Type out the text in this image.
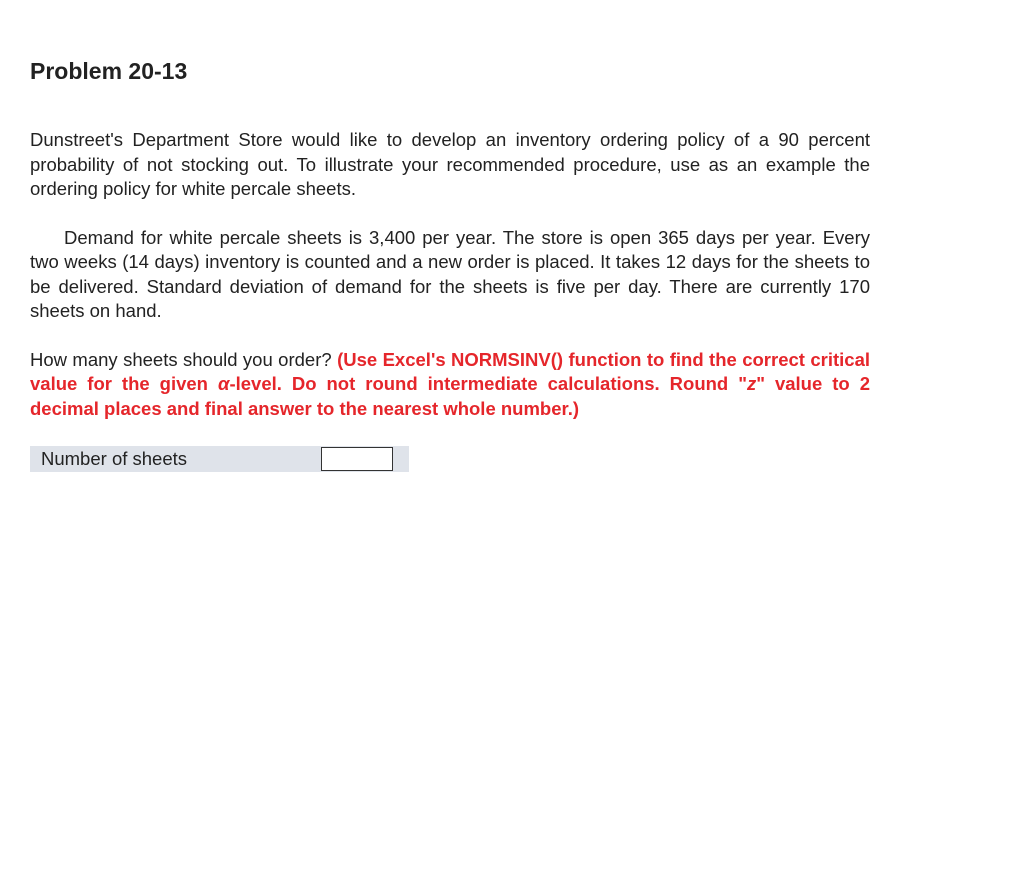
Problem 20-13

Dunstreet's Department Store would like to develop an inventory ordering policy of a 90 percent probability of not stocking out. To illustrate your recommended procedure, use as an example the ordering policy for white percale sheets.

Demand for white percale sheets is 3,400 per year. The store is open 365 days per year. Every two weeks (14 days) inventory is counted and a new order is placed. It takes 12 days for the sheets to be delivered. Standard deviation of demand for the sheets is five per day. There are currently 170 sheets on hand.

How many sheets should you order? (Use Excel's NORMSINV() function to find the correct critical value for the given α-level. Do not round intermediate calculations. Round "z" value to 2 decimal places and final answer to the nearest whole number.)

Number of sheets
